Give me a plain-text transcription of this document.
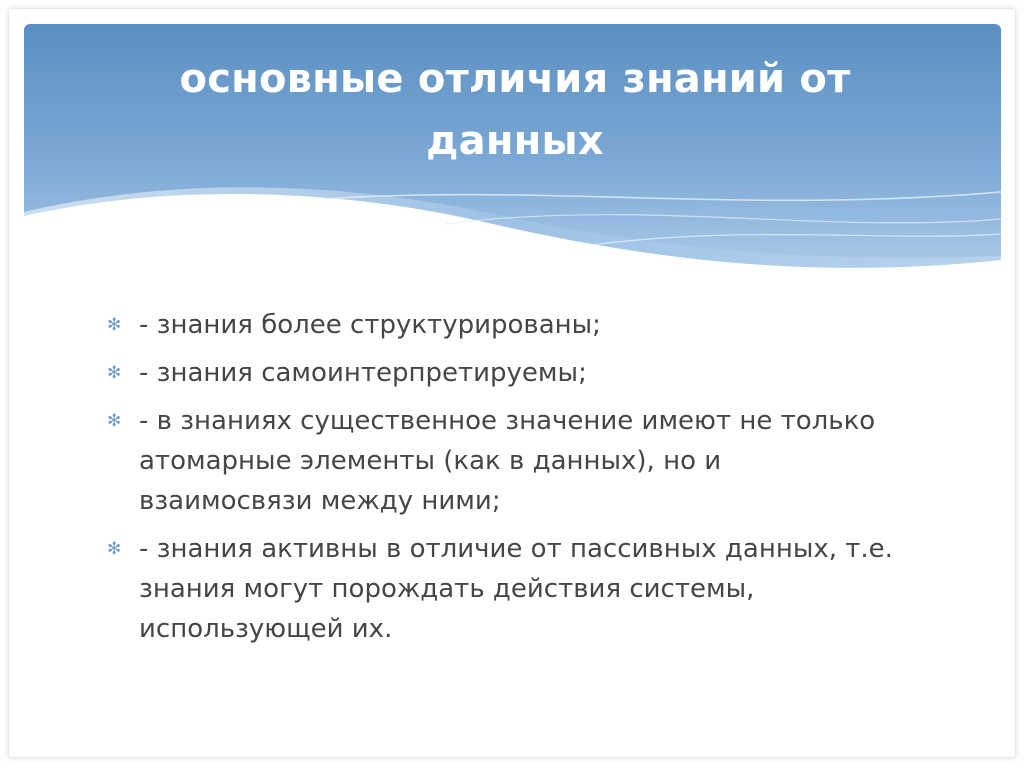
основные отличия знаний от данных
✻ - знания более структурированы;
✻ - знания самоинтерпретируемы;
✻ - в знаниях существенное значение имеют не только атомарные элементы (как в данных), но и взаимосвязи между ними;
✻ - знания активны в отличие от пассивных данных, т.е. знания могут порождать действия системы, использующей их.
